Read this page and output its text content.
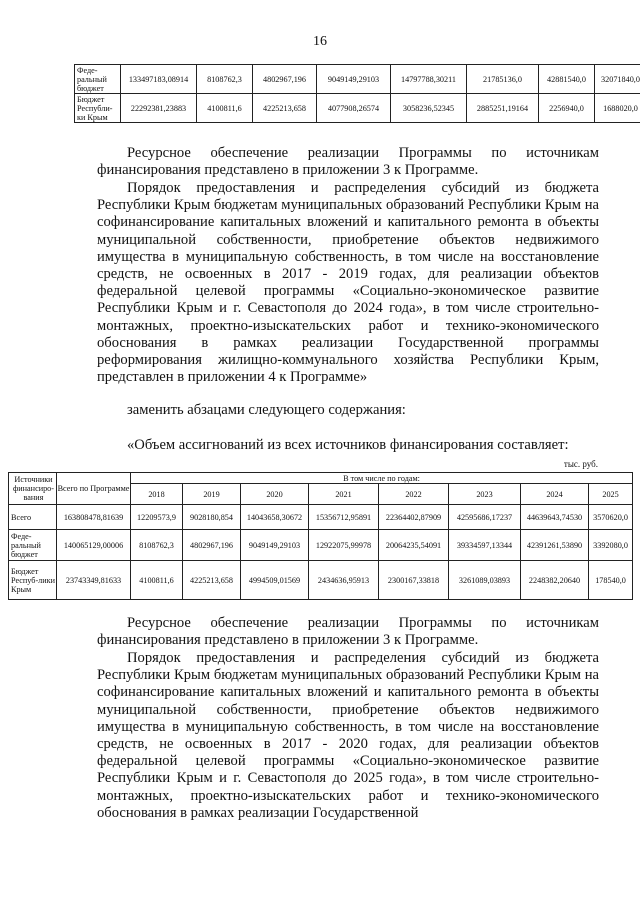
16
Феде-ральный бюджет	133497183,08914	8108762,3	4802967,196	9049149,29103	14797788,30211	21785136,0	42881540,0	32071840,0
Бюджет Республи-ки Крым	22292381,23883	4100811,6	4225213,658	4077908,26574	3058236,52345	2885251,19164	2256940,0	1688020,0

Ресурсное обеспечение реализации Программы по источникам финансирования представлено в приложении 3 к Программе.

Порядок предоставления и распределения субсидий из бюджета Республики Крым бюджетам муниципальных образований Республики Крым на софинансирование капитальных вложений и капитального ремонта в объекты муниципальной собственности, приобретение объектов недвижимого имущества в муниципальную собственность, в том числе на восстановление средств, не освоенных в 2017 - 2019 годах, для реализации объектов федеральной целевой программы «Социально-экономическое развитие Республики Крым и г. Севастополя до 2024 года», в том числе строительно-монтажных, проектно-изыскательских работ и технико-экономического обоснования в рамках реализации Государственной программы реформирования жилищно-коммунального хозяйства Республики Крым, представлен в приложении 4 к Программе»

заменить абзацами следующего содержания:

«Объем ассигнований из всех источников финансирования составляет:

тыс. руб.
Источники финансиро-вания	Всего по Программе	В том числе по годам:							
		2018	2019	2020	2021	2022	2023	2024	2025
Всего	163808478,81639	12209573,9	9028180,854	14043658,30672	15356712,95891	22364402,87909	42595686,17237	44639643,74530	3570620,0
Феде-ральный бюджет	140065129,00006	8108762,3	4802967,196	9049149,29103	12922075,99978	20064235,54091	39334597,13344	42391261,53890	3392080,0
Бюджет Респуб-лики Крым	23743349,81633	4100811,6	4225213,658	4994509,01569	2434636,95913	2300167,33818	3261089,03893	2248382,20640	178540,0

Ресурсное обеспечение реализации Программы по источникам финансирования представлено в приложении 3 к Программе.

Порядок предоставления и распределения субсидий из бюджета Республики Крым бюджетам муниципальных образований Республики Крым на софинансирование капитальных вложений и капитального ремонта в объекты муниципальной собственности, приобретение объектов недвижимого имущества в муниципальную собственность, в том числе на восстановление средств, не освоенных в 2017 - 2020 годах, для реализации объектов федеральной целевой программы «Социально-экономическое развитие Республики Крым и г. Севастополя до 2025 года», в том числе строительно-монтажных, проектно-изыскательских работ и технико-экономического обоснования в рамках реализации Государственной
